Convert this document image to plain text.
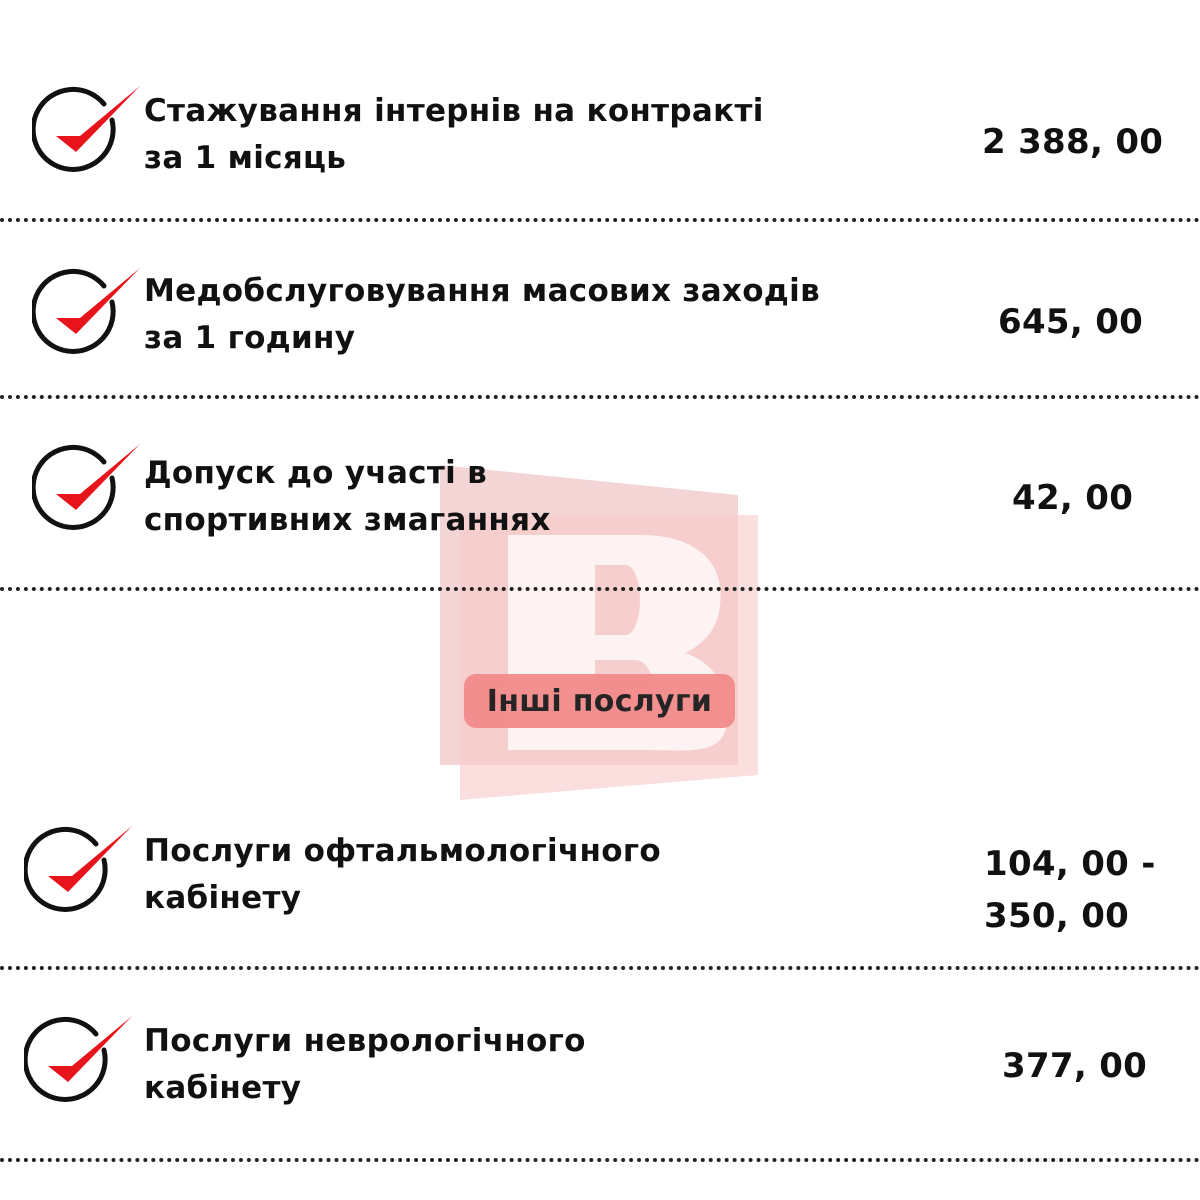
Стажування інтернів на контракті
за 1 місяць	2 388, 00
Медобслуговування масових заходів
за 1 годину	645, 00
Допуск до участі в
спортивних змаганнях
42, 00
Інші послуги
Послуги офтальмологічного
кабінету
104, 00 -
350, 00
Послуги неврологічного
кабінету
377, 00
